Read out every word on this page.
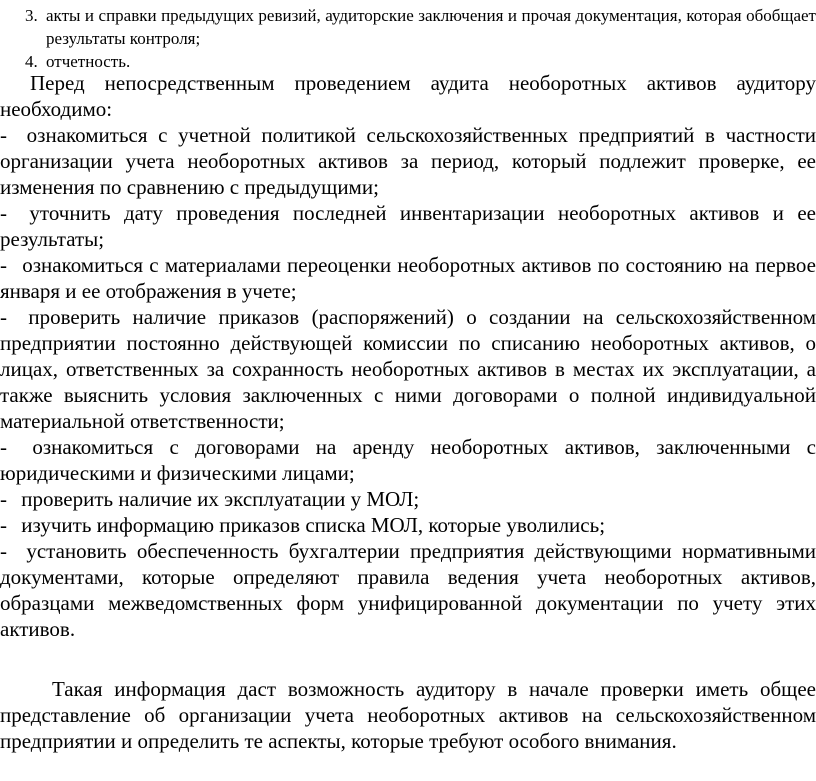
3. акты и справки предыдущих ревизий, аудиторские заключения и прочая документация, которая обобщает результаты контроля;
4. отчетность.

Перед непосредственным проведением аудита необоротных активов аудитору необходимо:

- ознакомиться с учетной политикой сельскохозяйственных предприятий в частности организации учета необоротных активов за период, который подлежит проверке, ее изменения по сравнению с предыдущими;
- уточнить дату проведения последней инвентаризации необоротных активов и ее результаты;
- ознакомиться с материалами переоценки необоротных активов по состоянию на первое января и ее отображения в учете;
- проверить наличие приказов (распоряжений) о создании на сельскохозяйственном предприятии постоянно действующей комиссии по списанию необоротных активов, о лицах, ответственных за сохранность необоротных активов в местах их эксплуатации, а также выяснить условия заключенных с ними договорами о полной индивидуальной материальной ответственности;
- ознакомиться с договорами на аренду необоротных активов, заключенными с юридическими и физическими лицами;
- проверить наличие их эксплуатации у МОЛ;
- изучить информацию приказов списка МОЛ, которые уволились;
- установить обеспеченность бухгалтерии предприятия действующими нормативными документами, которые определяют правила ведения учета необоротных активов, образцами межведомственных форм унифицированной документации по учету этих активов.

Такая информация даст возможность аудитору в начале проверки иметь общее представление об организации учета необоротных активов на сельскохозяйственном предприятии и определить те аспекты, которые требуют особого внимания.
